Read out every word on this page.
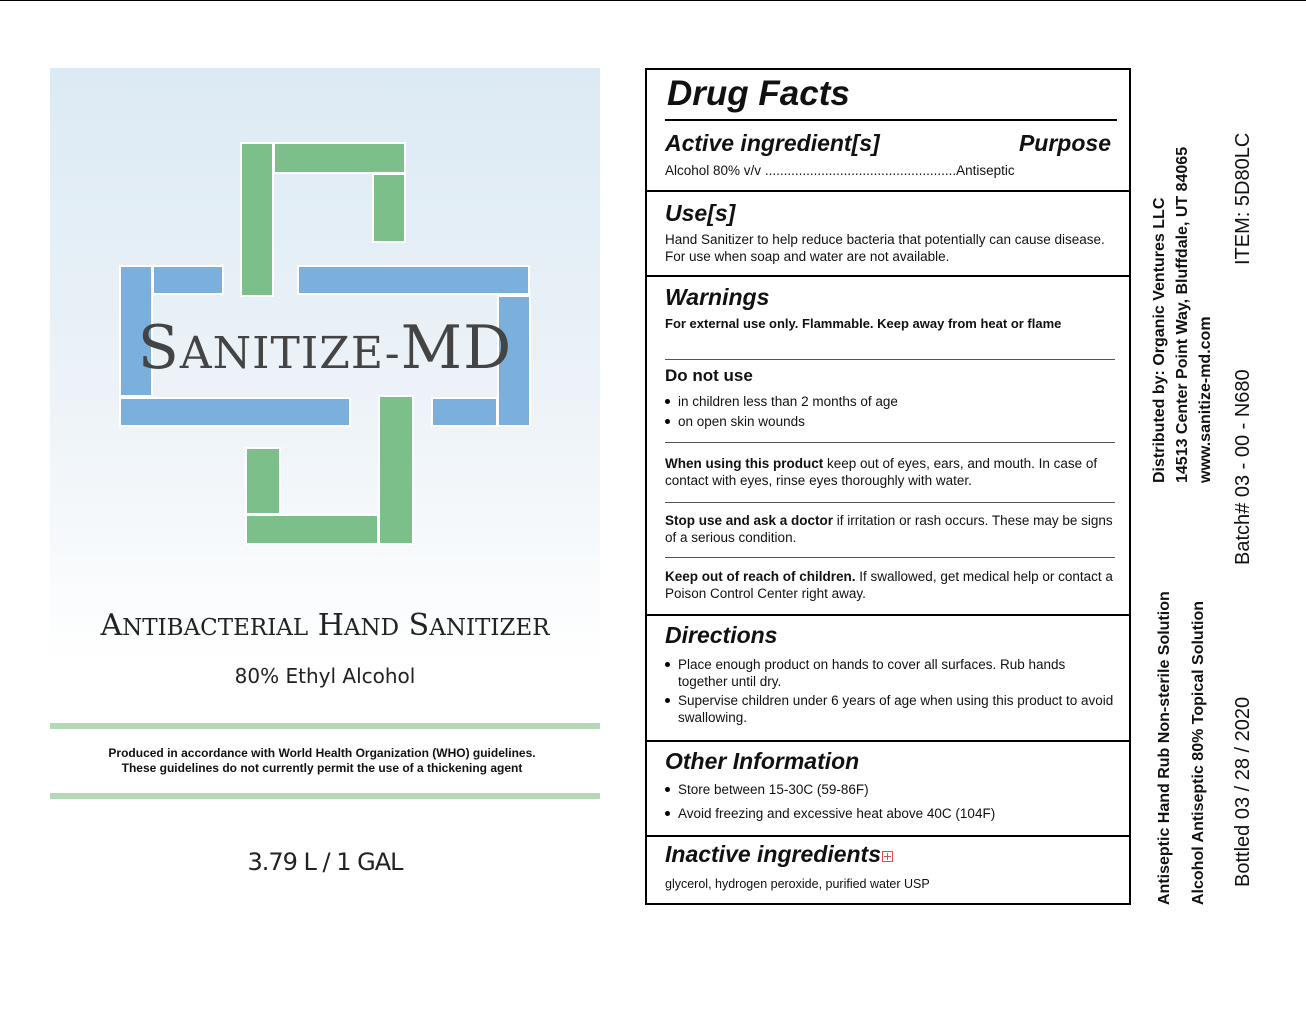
SANITIZE-MD
ANTIBACTERIAL HAND SANITIZER
80% Ethyl Alcohol
Produced in accordance with World Health Organization (WHO) guidelines.
These guidelines do not currently permit the use of a thickening agent
3.79 L / 1 GAL
Drug Facts
Active ingredient[s]	Purpose
Alcohol 80% v/v ...................................................Antiseptic
Use[s]
Hand Sanitizer to help reduce bacteria that potentially can cause disease. For use when soap and water are not available.
Warnings
For external use only. Flammable. Keep away from heat or flame
Do not use
in children less than 2 months of age
on open skin wounds
When using this product keep out of eyes, ears, and mouth. In case of contact with eyes, rinse eyes thoroughly with water.
Stop use and ask a doctor if irritation or rash occurs. These may be signs of a serious condition.
Keep out of reach of children. If swallowed, get medical help or contact a Poison Control Center right away.
Directions
Place enough product on hands to cover all surfaces. Rub hands together until dry.
Supervise children under 6 years of age when using this product to avoid swallowing.
Other Information
Store between 15-30C (59-86F)
Avoid freezing and excessive heat above 40C (104F)
Inactive ingredients
glycerol, hydrogen peroxide, purified water USP	Antiseptic Hand Rub Non-sterile Solution Alcohol Antiseptic 80% Topical Solution
Distributed by: Organic Ventures LLC 14513 Center Point Way, Bluffdale, UT 84065 www.sanitize-md.com
Bottled 03 / 28 / 2020
Batch# 03 - 00 - N680
ITEM: 5D80LC
